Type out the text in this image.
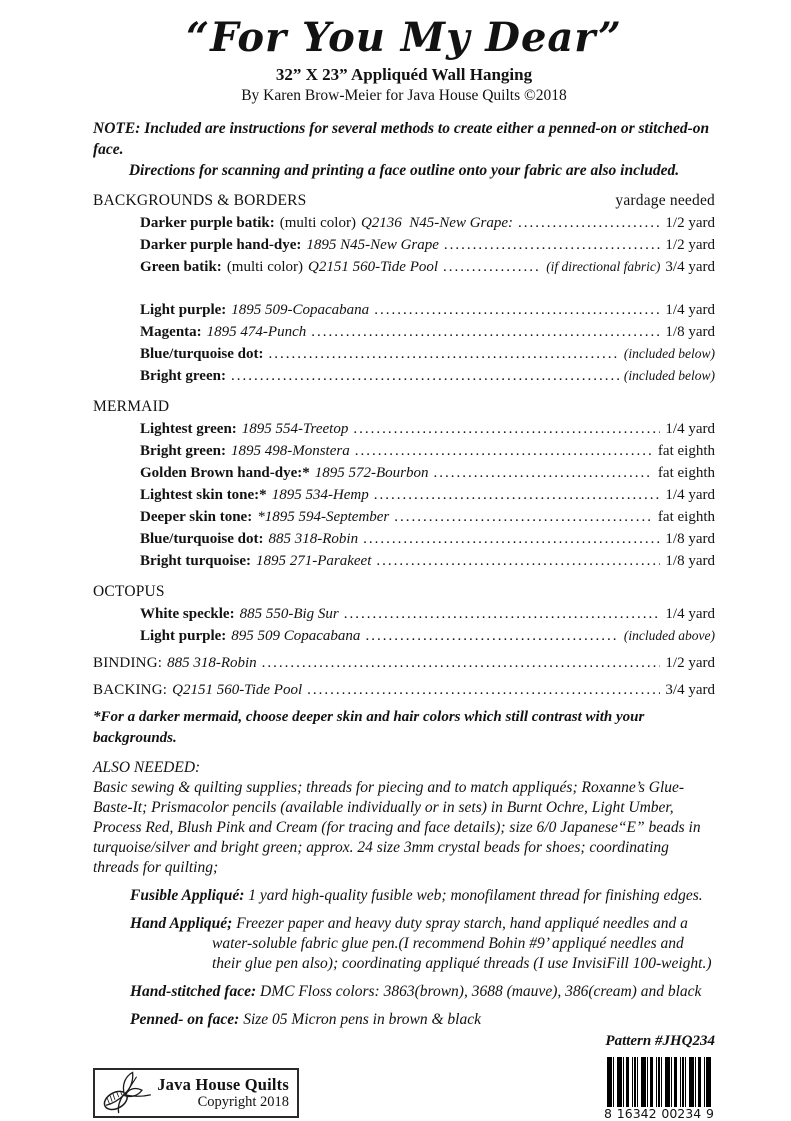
“For You My Dear”
32” X 23” Appliquéd Wall Hanging
By Karen Brow-Meier for Java House Quilts ©2018
NOTE: Included are instructions for several methods to create either a penned-on or stitched-on face.
Directions for scanning and printing a face outline onto your fabric are also included.
BACKGROUNDS & BORDERS	yardage needed
Darker purple batik: (multi color) Q2136  N45-New Grape: .....	1/2 yard
Darker purple hand-dye: 1895 N45-New Grape .....	1/2 yard
Green batik: (multi color) Q2151 560-Tide Pool .....	(if directional fabric) 3/4 yard
Light purple: 1895 509-Copacabana .....	1/4 yard
Magenta: 1895 474-Punch .....	1/8 yard
Blue/turquoise dot: .....	(included below)
Bright green: .....	(included below)
MERMAID
Lightest green: 1895 554-Treetop .....	1/4 yard
Bright green: 1895 498-Monstera .....	fat eighth
Golden Brown hand-dye:* 1895 572-Bourbon .....	fat eighth
Lightest skin tone:* 1895 534-Hemp .....	1/4 yard
Deeper skin tone: *1895 594-September .....	fat eighth
Blue/turquoise dot: 885 318-Robin .....	1/8 yard
Bright turquoise: 1895 271-Parakeet .....	1/8 yard
OCTOPUS
White speckle: 885 550-Big Sur .....	1/4 yard
Light purple: 895 509 Copacabana .....	(included above)
BINDING: 885 318-Robin .....	1/2 yard
BACKING: Q2151 560-Tide Pool .....	3/4 yard
*For a darker mermaid, choose deeper skin and hair colors which still contrast with your backgrounds.
ALSO NEEDED:
Basic sewing & quilting supplies; threads for piecing and to match appliqués; Roxanne’s Glue-Baste-It; Prismacolor pencils (available individually or in sets) in Burnt Ochre, Light Umber, Process Red, Blush Pink and Cream (for tracing and face details); size 6/0 Japanese“E” beads in turquoise/silver and bright green; approx. 24 size 3mm crystal beads for shoes; coordinating threads for quilting;
Fusible Appliqué: 1 yard high-quality fusible web; monofilament thread for finishing edges.
Hand Appliqué; Freezer paper and heavy duty spray starch, hand appliqué needles and a water-soluble fabric glue pen.(I recommend Bohin #9’ appliqué needles and their glue pen also); coordinating appliqué threads (I use InvisiFill 100-weight.)
Hand-stitched face: DMC Floss colors: 3863(brown), 3688 (mauve), 386(cream) and black
Penned- on face: Size 05 Micron pens in brown & black
Pattern #JHQ234
Java House Quilts
Copyright 2018
8 16342 00234 9
